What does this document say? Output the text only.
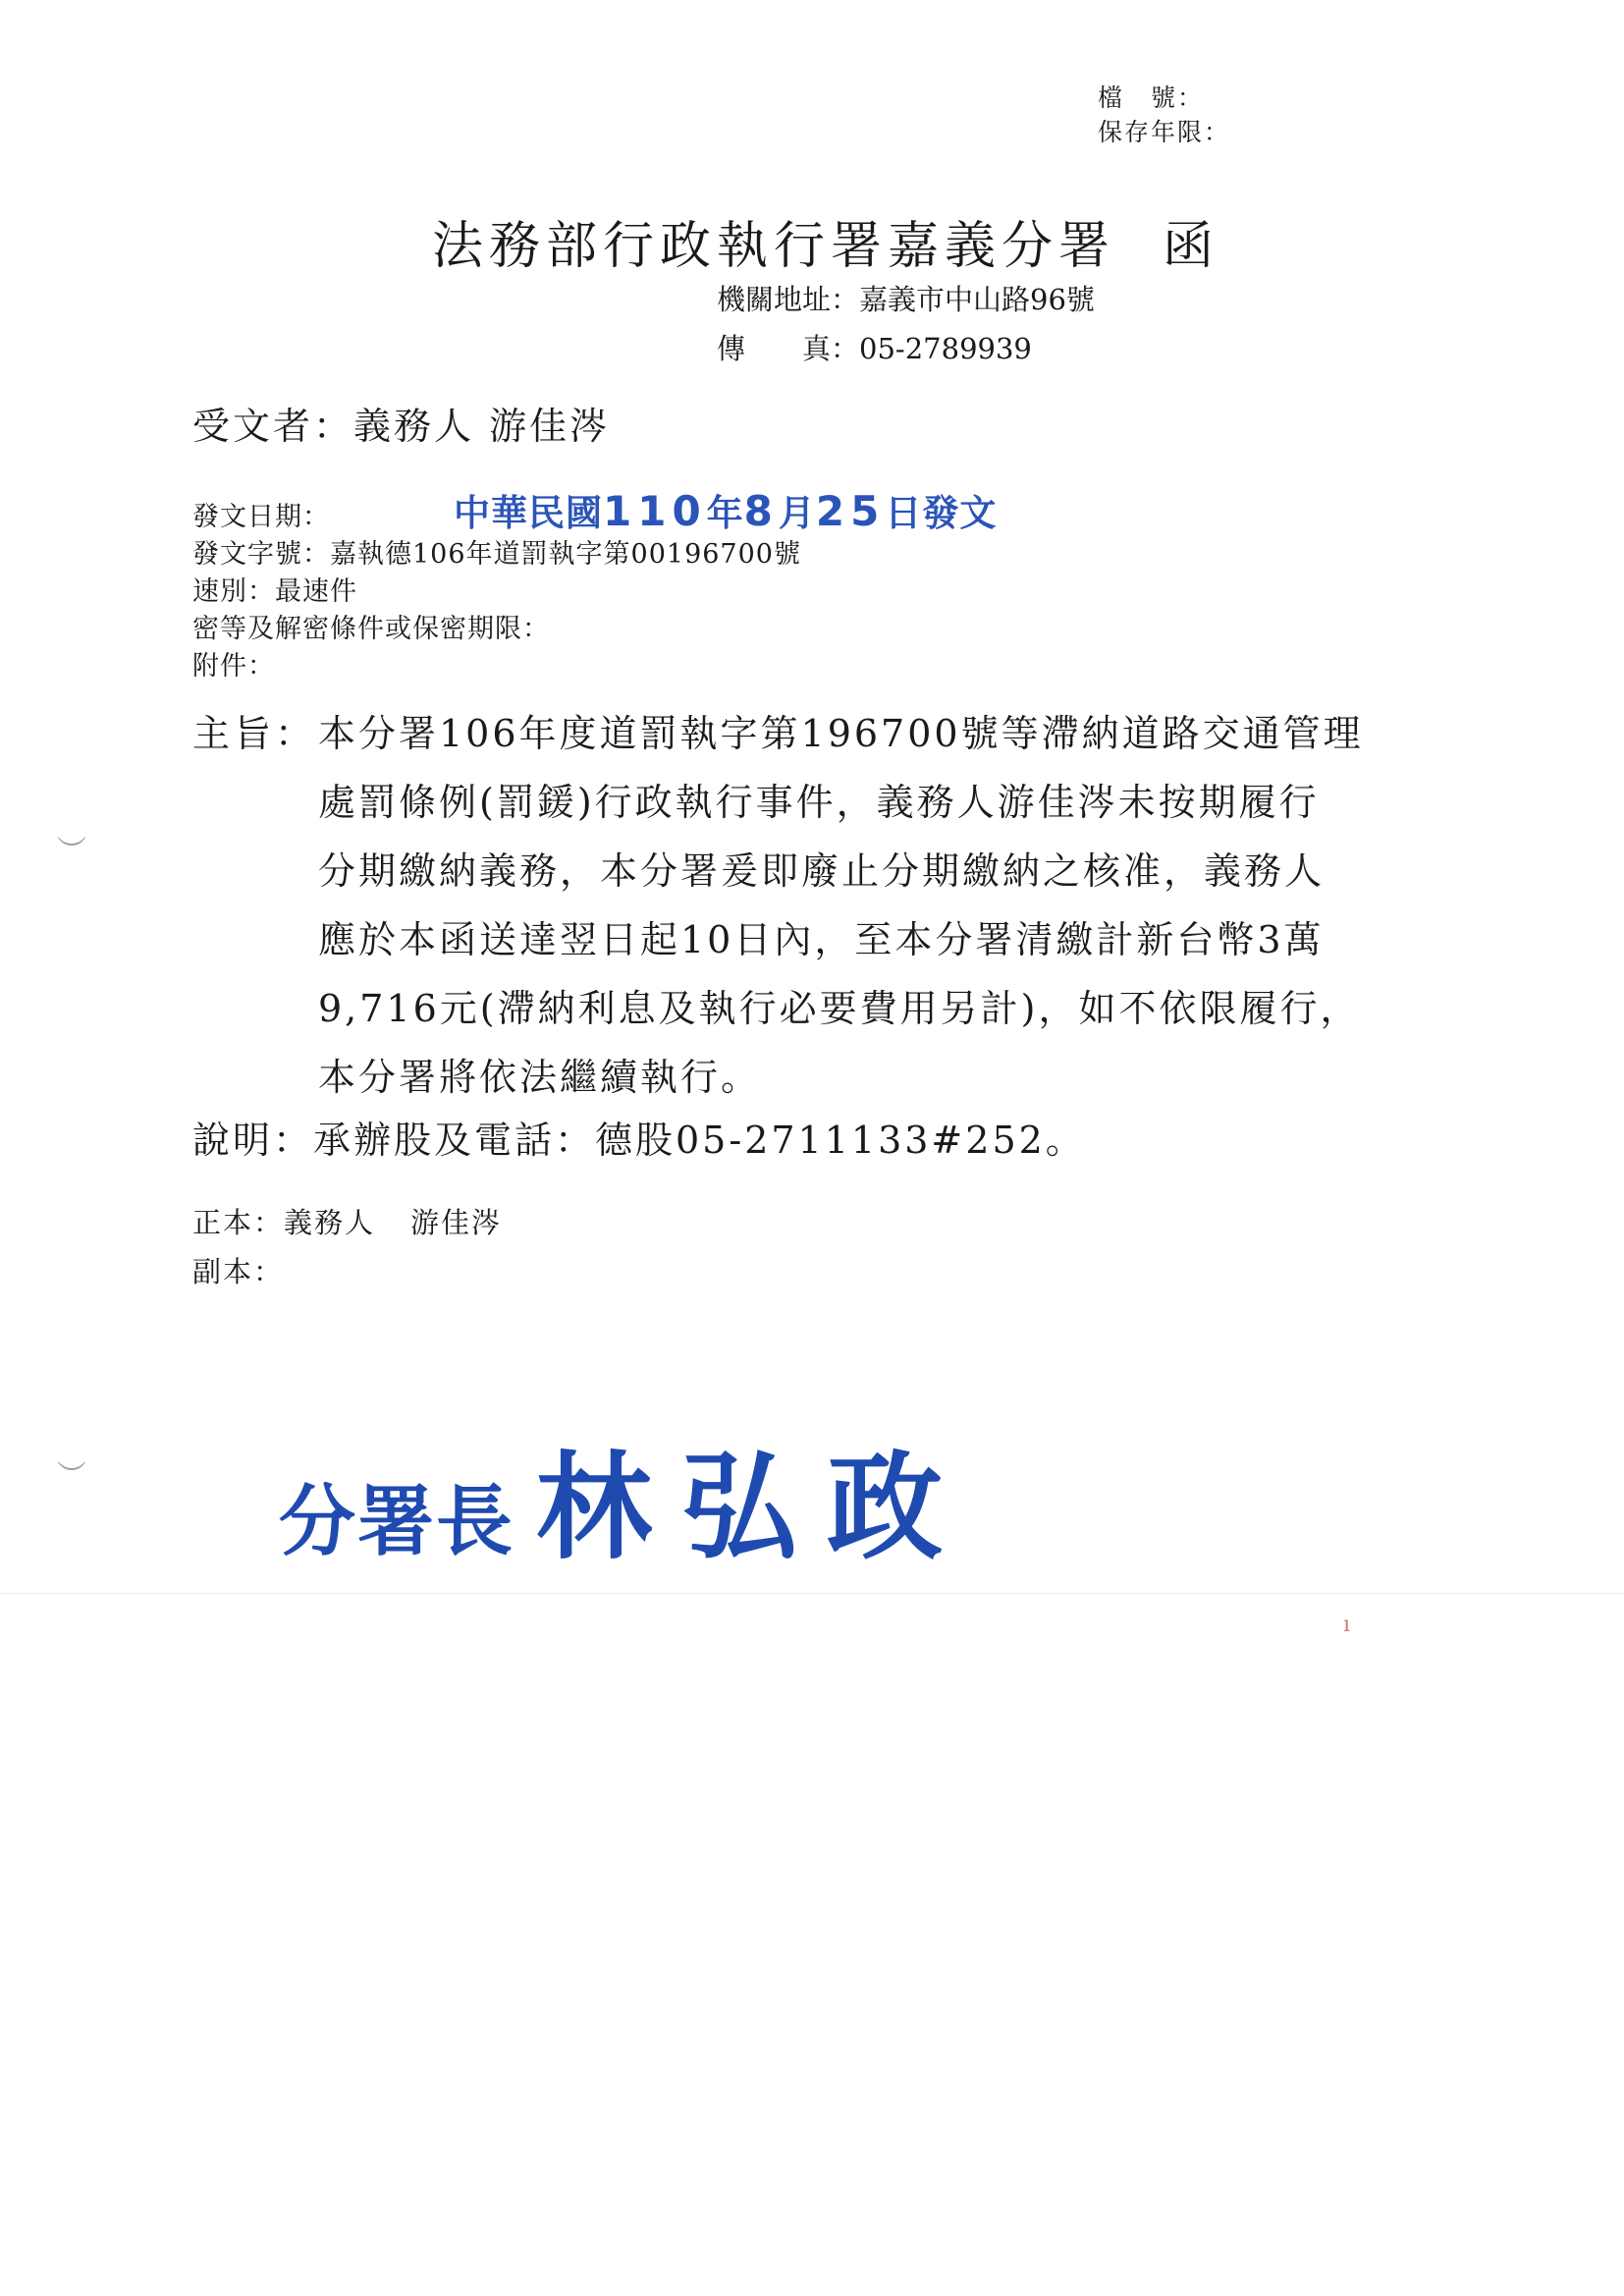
檔　號：
保存年限：
法務部行政執行署嘉義分署 函
機關地址： 嘉義市中山路96號
傳　　真： 05-2789939
受文者：義務人 游佳涔
發文日期：
發文字號：嘉執德106年道罰執字第00196700號
速別：最速件
密等及解密條件或保密期限：
附件：
中華民國110年8月25日發文
主旨： 本分署106年度道罰執字第196700號等滯納道路交通管理
處罰條例(罰鍰)行政執行事件，義務人游佳涔未按期履行
分期繳納義務，本分署爰即廢止分期繳納之核准，義務人
應於本函送達翌日起10日內，至本分署清繳計新台幣3萬
9,716元(滯納利息及執行必要費用另計)，如不依限履行，
本分署將依法繼續執行。
說明：承辦股及電話：德股05-2711133#252。
正本：義務人 游佳涔
副本：
分署長 林弘政
︶
︶
ı
